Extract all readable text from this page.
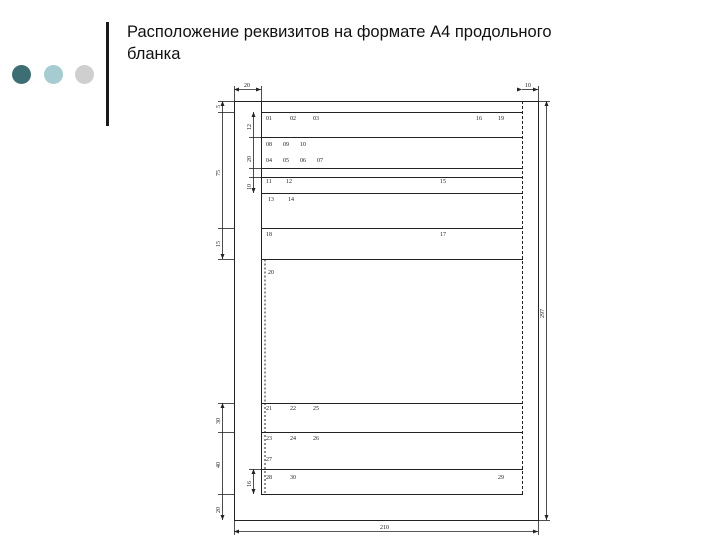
Расположение реквизитов на формате А4 продольного
бланка
20	10
210
297
5
12
75
20
10
15
30
40
16
20
01	02	03	16	19
08 09 10
04 05 06 07
11 12	15
13 14
18	17
20
21	22	25
23	24	26
27
28	30	29
